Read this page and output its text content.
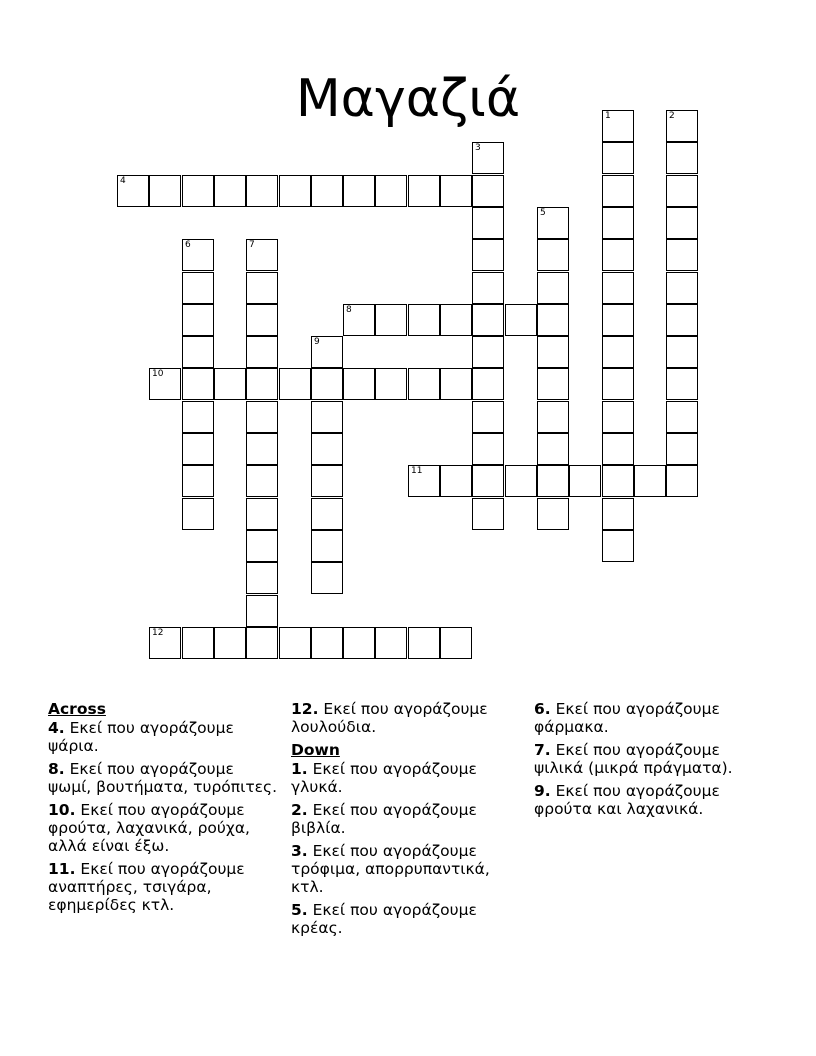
Μαγαζιά	1	2
3
4
5
6	7
8
9
10
11
12
Across
4. Εκεί που αγοράζουμε ψάρια.
8. Εκεί που αγοράζουμε ψωμί, βουτήματα, τυρόπιτες.
10. Εκεί που αγοράζουμε φρούτα, λαχανικά, ρούχα, αλλά είναι έξω.
11. Εκεί που αγοράζουμε αναπτήρες, τσιγάρα, εφημερίδες κτλ.
12. Εκεί που αγοράζουμε λουλούδια.
Down
1. Εκεί που αγοράζουμε γλυκά.
2. Εκεί που αγοράζουμε βιβλία.
3. Εκεί που αγοράζουμε τρόφιμα, απορρυπαντικά, κτλ.
5. Εκεί που αγοράζουμε κρέας.
6. Εκεί που αγοράζουμε φάρμακα.
7. Εκεί που αγοράζουμε ψιλικά (μικρά πράγματα).
9. Εκεί που αγοράζουμε φρούτα και λαχανικά.
